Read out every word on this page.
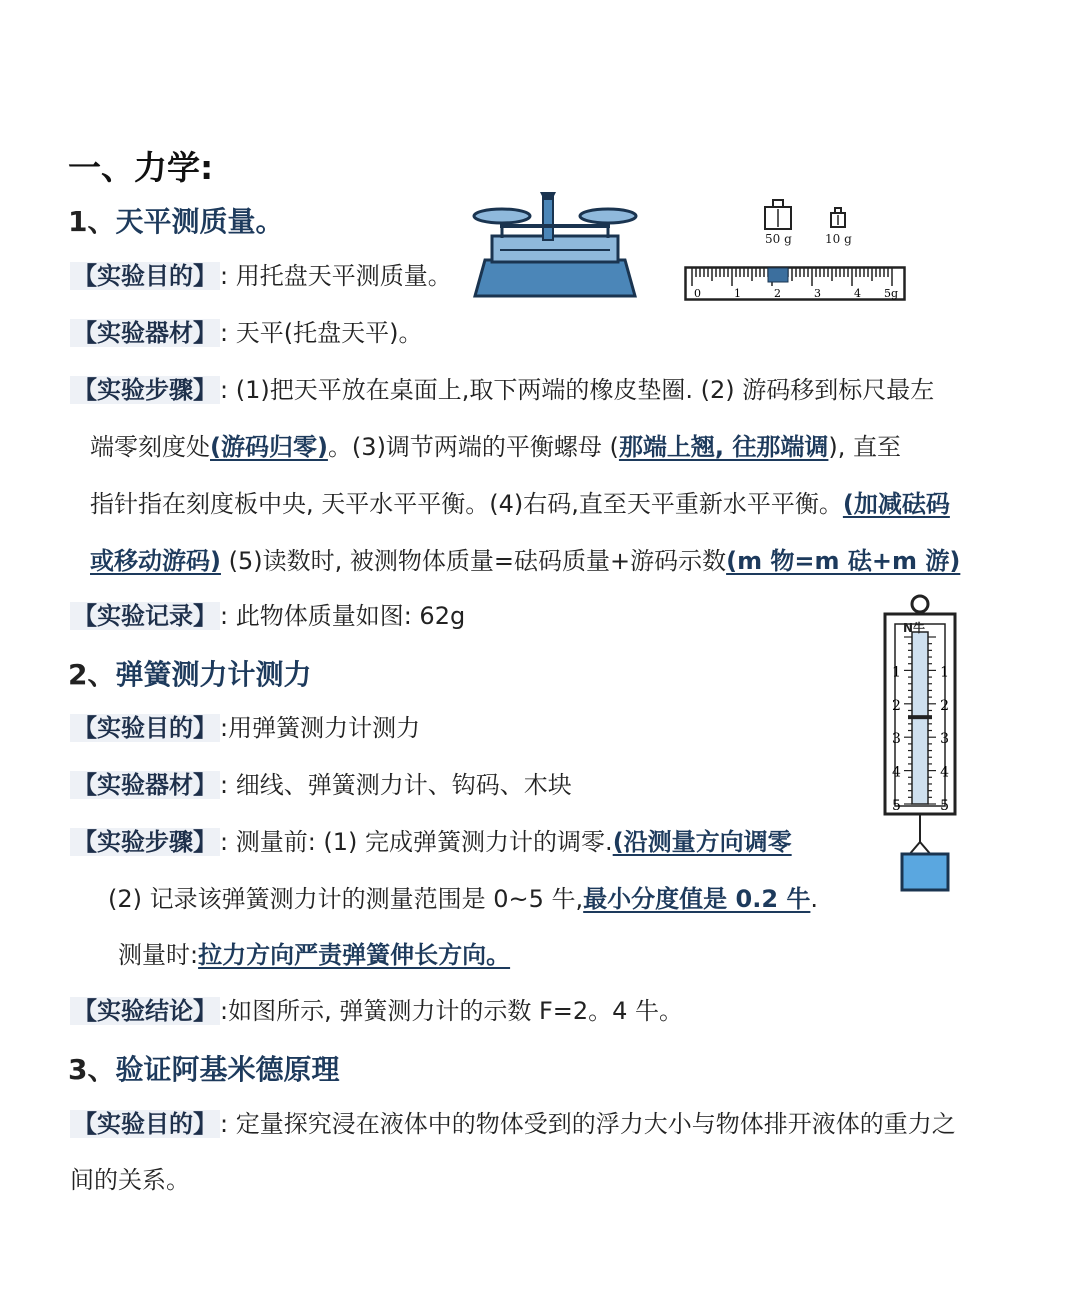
一、力学:
1、天平测质量。
【实验目的】 : 用托盘天平测质量。
【实验器材】 : 天平(托盘天平)。
【实验步骤】 : (1)把天平放在桌面上,取下两端的橡皮垫圈. (2) 游码移到标尺最左
端零刻度处(游码归零)。(3)调节两端的平衡螺母 (那端上翘, 往那端调), 直至
指针指在刻度板中央, 天平水平平衡。(4)右码,直至天平重新水平平衡。(加减砝码
或移动游码) (5)读数时, 被测物体质量=砝码质量+游码示数(m 物=m 砝+m 游)
【实验记录】 : 此物体质量如图: 62g
50 g	10 g
0	1	2	3	4 5g
N牛
1	1
2	2
3	3
4	4
5	5
2、弹簧测力计测力
【实验目的】 :用弹簧测力计测力
【实验器材】 : 细线、弹簧测力计、钩码、木块
【实验步骤】 : 测量前: (1) 完成弹簧测力计的调零.(沿测量方向调零
(2) 记录该弹簧测力计的测量范围是 0~5 牛,最小分度值是 0.2 牛.
测量时:拉力方向严责弹簧伸长方向。
【实验结论】 :如图所示, 弹簧测力计的示数 F=2。4 牛。
3、验证阿基米德原理
【实验目的】 : 定量探究浸在液体中的物体受到的浮力大小与物体排开液体的重力之
间的关系。
